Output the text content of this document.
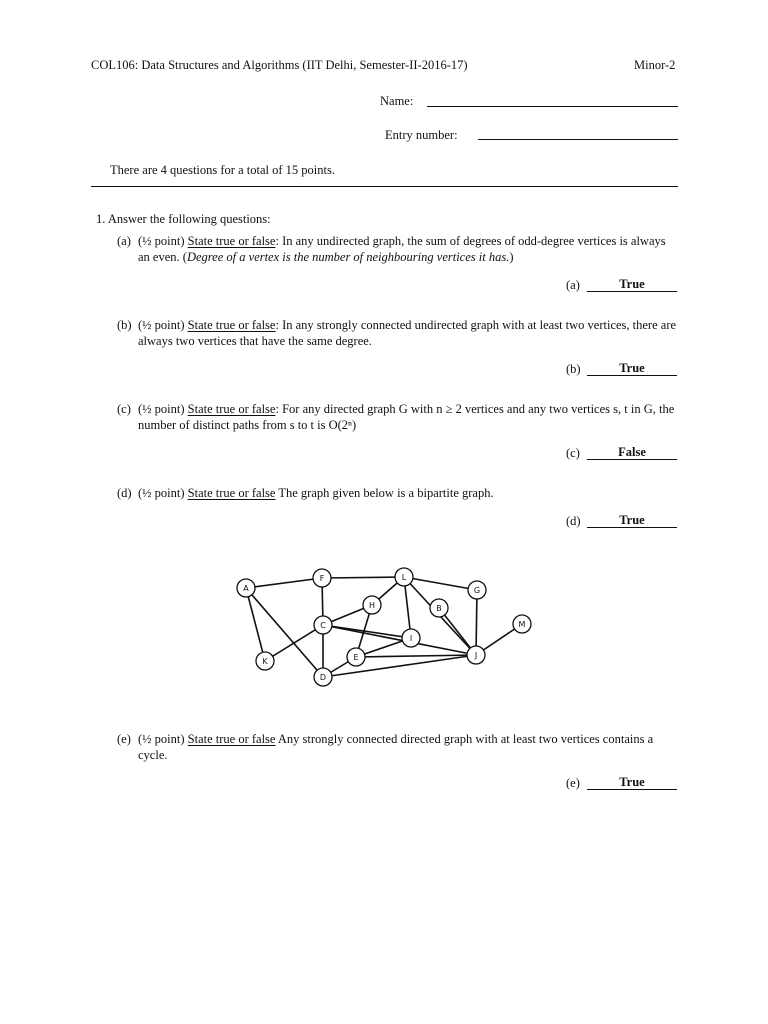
COL106: Data Structures and Algorithms (IIT Delhi, Semester-II-2016-17)	Minor-2
Name:
Entry number:
There are 4 questions for a total of 15 points.
1. Answer the following questions:
(a) (½ point) State true or false: In any undirected graph, the sum of degrees of odd-degree vertices is always an even. (Degree of a vertex is the number of neighbouring vertices it has.)
(a)	True
(b) (½ point) State true or false: In any strongly connected undirected graph with at least two vertices, there are always two vertices that have the same degree.
(b)	True
(c) (½ point) State true or false: For any directed graph G with n ≥ 2 vertices and any two vertices s, t in G, the number of distinct paths from s to t is O(2ⁿ)
(c)	False
(d) (½ point) State true or false The graph given below is a bipartite graph.
(d)	True
A
F	L
G
H	B
C
I
M
K	E	J
D
(e) (½ point) State true or false Any strongly connected directed graph with at least two vertices contains a cycle.
(e)	True
